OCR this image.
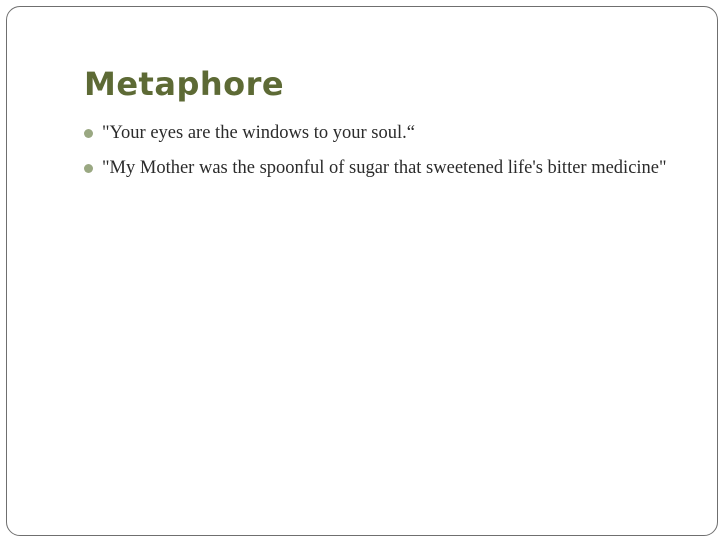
Metaphore
"Your eyes are the windows to your soul.“
"My Mother was the spoonful of sugar that sweetened life's bitter medicine"
